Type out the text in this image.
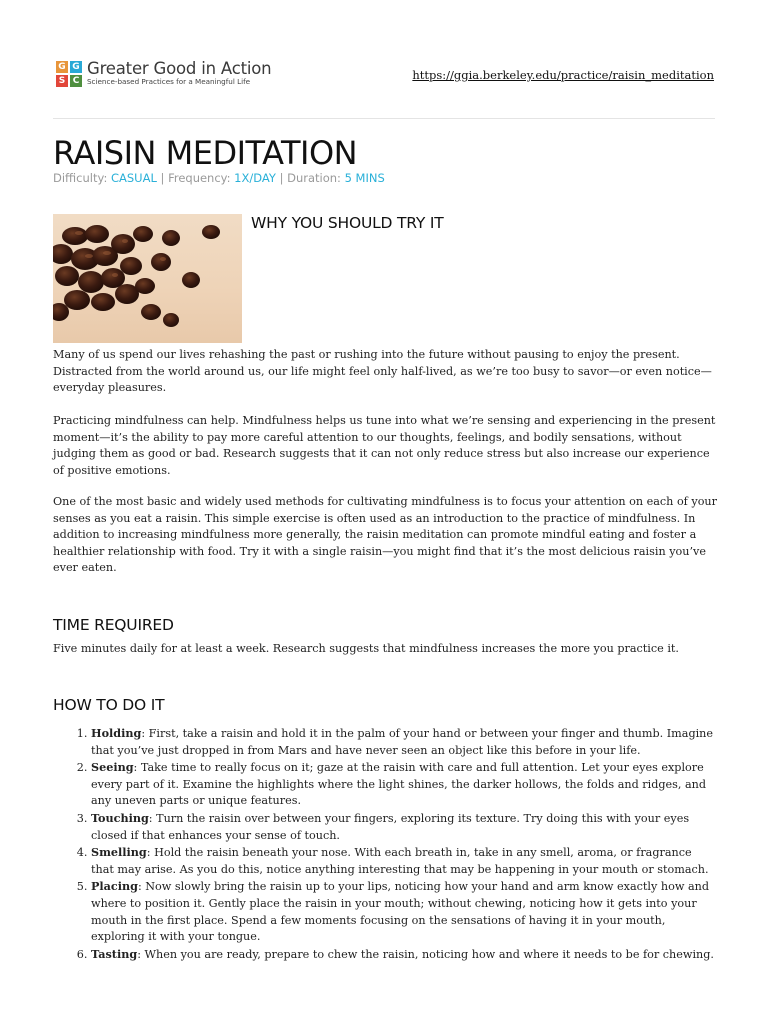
G G
S C
Greater Good in Action
Science-based Practices for a Meaningful Life	https://ggia.berkeley.edu/practice/raisin_meditation
RAISIN MEDITATION
Difficulty: CASUAL | Frequency: 1X/DAY | Duration: 5 MINS
WHY YOU SHOULD TRY IT

Many of us spend our lives rehashing the past or rushing into the future without pausing to enjoy the present. Distracted from the world around us, our life might feel only half-lived, as we’re too busy to savor—or even notice—everyday pleasures.

Practicing mindfulness can help. Mindfulness helps us tune into what we’re sensing and experiencing in the present moment—it’s the ability to pay more careful attention to our thoughts, feelings, and bodily sensations, without judging them as good or bad. Research suggests that it can not only reduce stress but also increase our experience of positive emotions.

One of the most basic and widely used methods for cultivating mindfulness is to focus your attention on each of your senses as you eat a raisin. This simple exercise is often used as an introduction to the practice of mindfulness. In addition to increasing mindfulness more generally, the raisin meditation can promote mindful eating and foster a healthier relationship with food. Try it with a single raisin—you might find that it’s the most delicious raisin you’ve ever eaten.

TIME REQUIRED

Five minutes daily for at least a week. Research suggests that mindfulness increases the more you practice it.

HOW TO DO IT
1. Holding: First, take a raisin and hold it in the palm of your hand or between your finger and thumb. Imagine that you’ve just dropped in from Mars and have never seen an object like this before in your life.
2. Seeing: Take time to really focus on it; gaze at the raisin with care and full attention. Let your eyes explore every part of it. Examine the highlights where the light shines, the darker hollows, the folds and ridges, and any uneven parts or unique features.
3. Touching: Turn the raisin over between your fingers, exploring its texture. Try doing this with your eyes closed if that enhances your sense of touch.
4. Smelling: Hold the raisin beneath your nose. With each breath in, take in any smell, aroma, or fragrance that may arise. As you do this, notice anything interesting that may be happening in your mouth or stomach.
5. Placing: Now slowly bring the raisin up to your lips, noticing how your hand and arm know exactly how and where to position it. Gently place the raisin in your mouth; without chewing, noticing how it gets into your mouth in the first place. Spend a few moments focusing on the sensations of having it in your mouth, exploring it with your tongue.
6. Tasting: When you are ready, prepare to chew the raisin, noticing how and where it needs to be for chewing.
